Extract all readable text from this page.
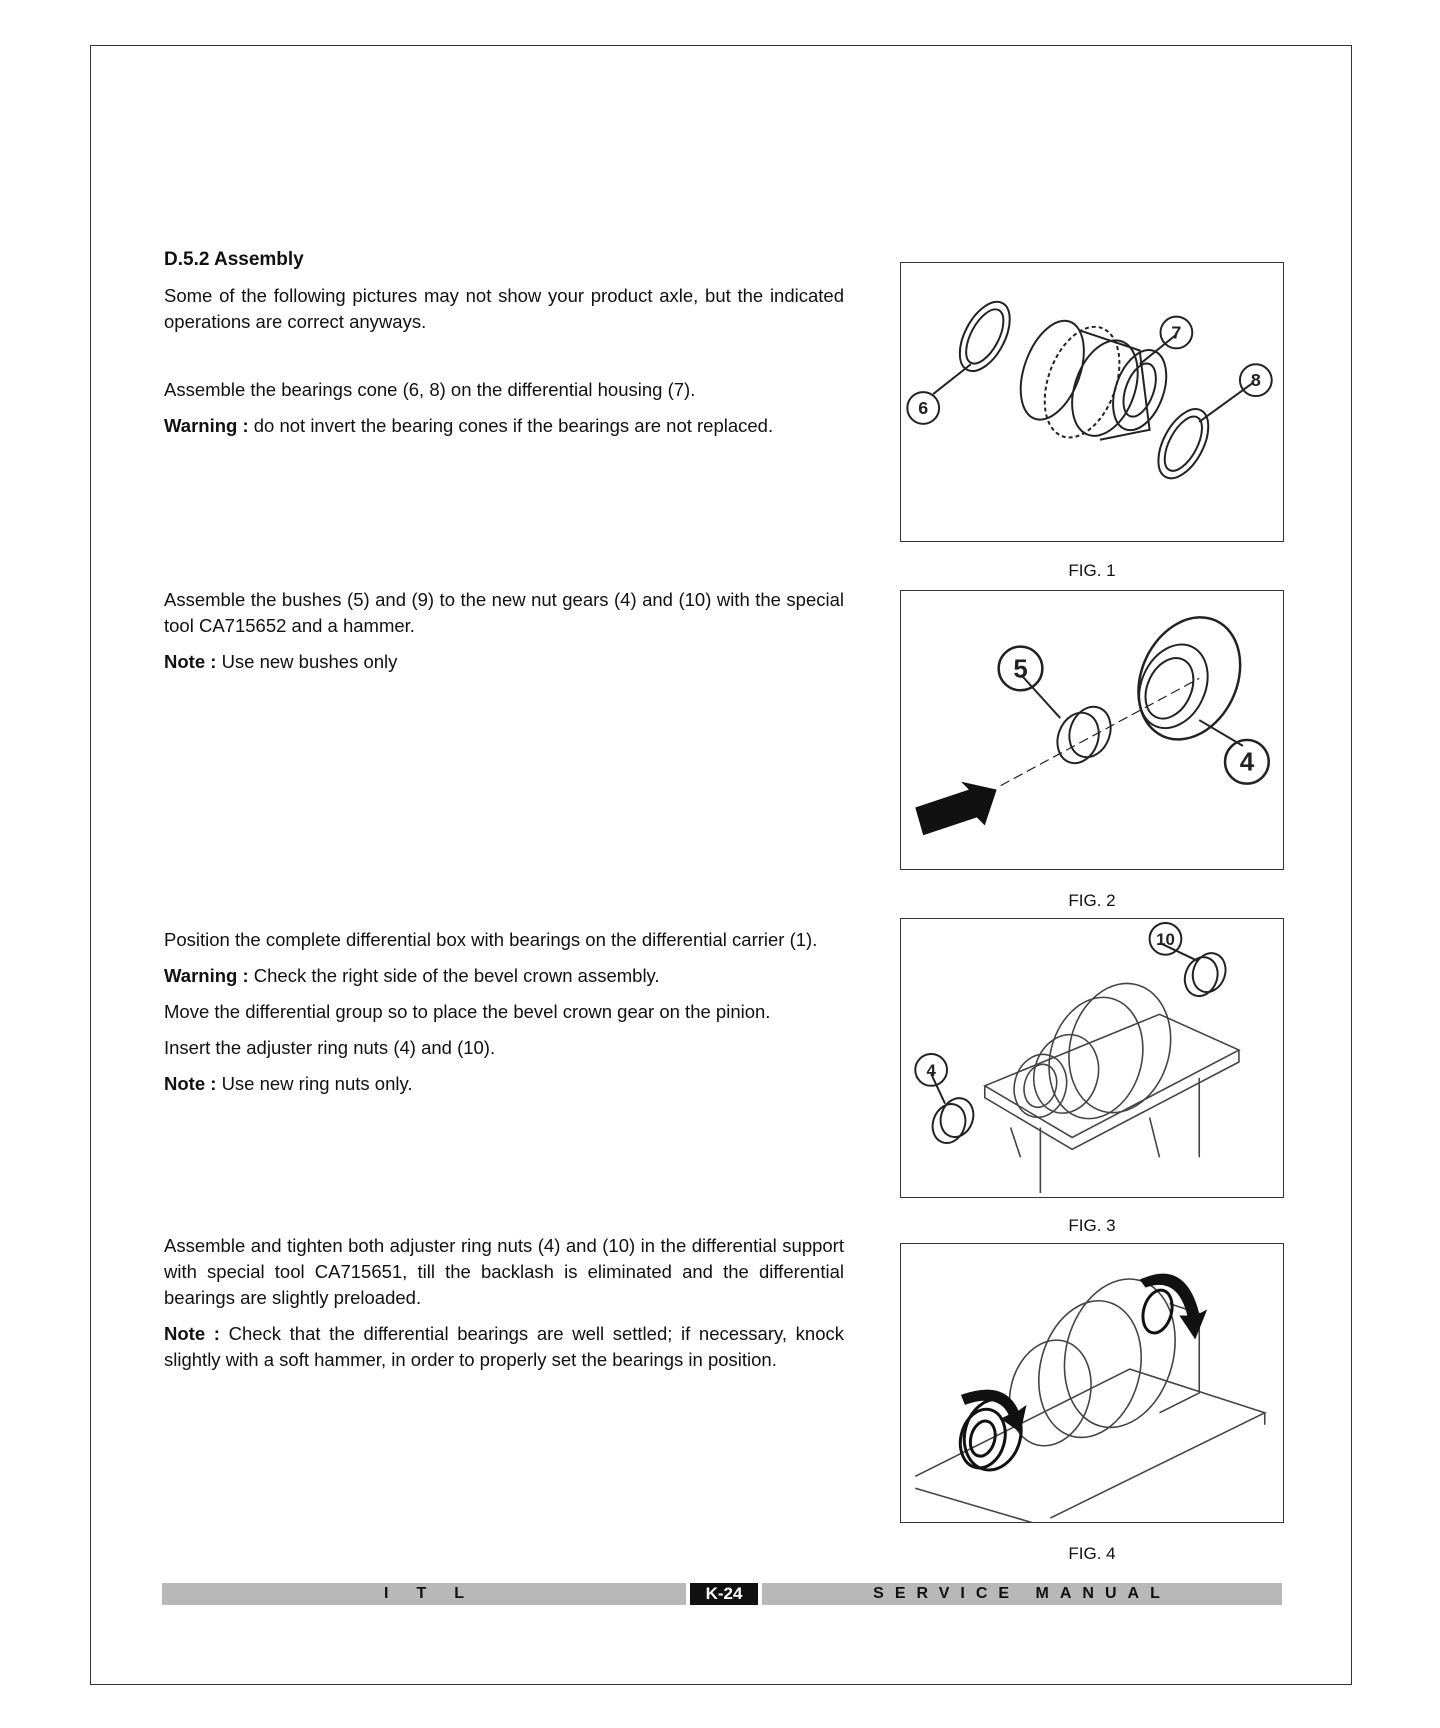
D.5.2 Assembly

Some of the following pictures may not show your product axle, but the indicated operations are correct anyways.

Assemble the bearings cone (6, 8) on the differential housing (7).

Warning : do not invert the bearing cones if the bearings are not replaced.

Assemble the bushes (5) and (9) to the new nut gears (4) and (10) with the special tool CA715652 and a hammer.

Note : Use new bushes only

Position the complete differential box with bearings on the differential carrier (1).

Warning : Check the right side of the bevel crown assembly.

Move the differential group so to place the bevel crown gear on the pinion.

Insert the adjuster ring nuts (4) and (10).

Note : Use new ring nuts only.

Assemble and tighten both adjuster ring nuts (4) and (10) in the differential support with special tool CA715651, till the backlash is eliminated and the differential bearings are slightly preloaded.

Note : Check that the differential bearings are well settled; if necessary, knock slightly with a soft hammer, in order to properly set the bearings in position.

6
7
8
FIG. 1
5
4
FIG. 2
10
4
FIG. 3
FIG. 4
ITL	K-24	SERVICE MANUAL
